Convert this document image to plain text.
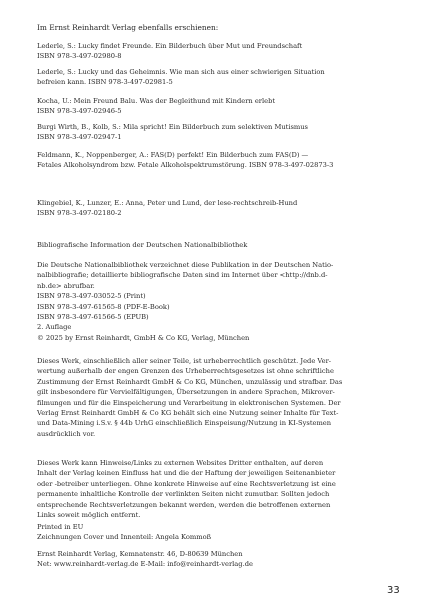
Im Ernst Reinhardt Verlag ebenfalls erschienen:
Lederle, S.: Lucky findet Freunde. Ein Bilderbuch über Mut und Freundschaft
ISBN 978-3-497-02980-8
Lederle, S.: Lucky und das Geheimnis. Wie man sich aus einer schwierigen Situation
befreien kann. ISBN 978-3-497-02981-5
Kocha, U.: Mein Freund Balu. Was der Begleithund mit Kindern erlebt
ISBN 978-3-497-02946-5
Burgi Wirth, B., Kolb, S.: Mila spricht! Ein Bilderbuch zum selektiven Mutismus
ISBN 978-3-497-02947-1
Feldmann, K., Noppenberger, A.: FAS(D) perfekt! Ein Bilderbuch zum FAS(D) —
Fetales Alkoholsyndrom bzw. Fetale Alkoholspektrumstörung. ISBN 978-3-497-02873-3
Klingebiel, K., Lunzer, E.: Anna, Peter und Lund, der lese-rechtschreib-Hund
ISBN 978-3-497-02180-2
Bibliografische Information der Deutschen Nationalbibliothek
Die Deutsche Nationalbibliothek verzeichnet diese Publikation in der Deutschen Natio-
nalbibliografie; detaillierte bibliografische Daten sind im Internet über <http://dnb.d-
nb.de> abrufbar.
ISBN 978-3-497-03052-5 (Print)
ISBN 978-3-497-61565-8 (PDF-E-Book)
ISBN 978-3-497-61566-5 (EPUB)
2. Auflage
© 2025 by Ernst Reinhardt, GmbH & Co KG, Verlag, München
Dieses Werk, einschließlich aller seiner Teile, ist urheberrechtlich geschützt. Jede Ver-
wertung außerhalb der engen Grenzen des Urheberrechtsgesetzes ist ohne schriftliche
Zustimmung der Ernst Reinhardt GmbH & Co KG, München, unzulässig und strafbar. Das
gilt insbesondere für Vervielfältigungen, Übersetzungen in andere Sprachen, Mikrover-
filmungen und für die Einspeicherung und Verarbeitung in elektronischen Systemen. Der
Verlag Ernst Reinhardt GmbH & Co KG behält sich eine Nutzung seiner Inhalte für Text-
und Data-Mining i.S.v. § 44b UrhG einschließlich Einspeisung/Nutzung in KI-Systemen
ausdrücklich vor.
Dieses Werk kann Hinweise/Links zu externen Websites Dritter enthalten, auf deren
Inhalt der Verlag keinen Einfluss hat und die der Haftung der jeweiligen Seitenanbieter
oder -betreiber unterliegen. Ohne konkrete Hinweise auf eine Rechtsverletzung ist eine
permanente inhaltliche Kontrolle der verlinkten Seiten nicht zumutbar. Sollten jedoch
entsprechende Rechtsverletzungen bekannt werden, werden die betroffenen externen
Links soweit möglich entfernt.
Printed in EU
Zeichnungen Cover und Innenteil: Angela Kommoß
Ernst Reinhardt Verlag, Kemnatenstr. 46, D-80639 München
Net: www.reinhardt-verlag.de E-Mail: info@reinhardt-verlag.de
33
